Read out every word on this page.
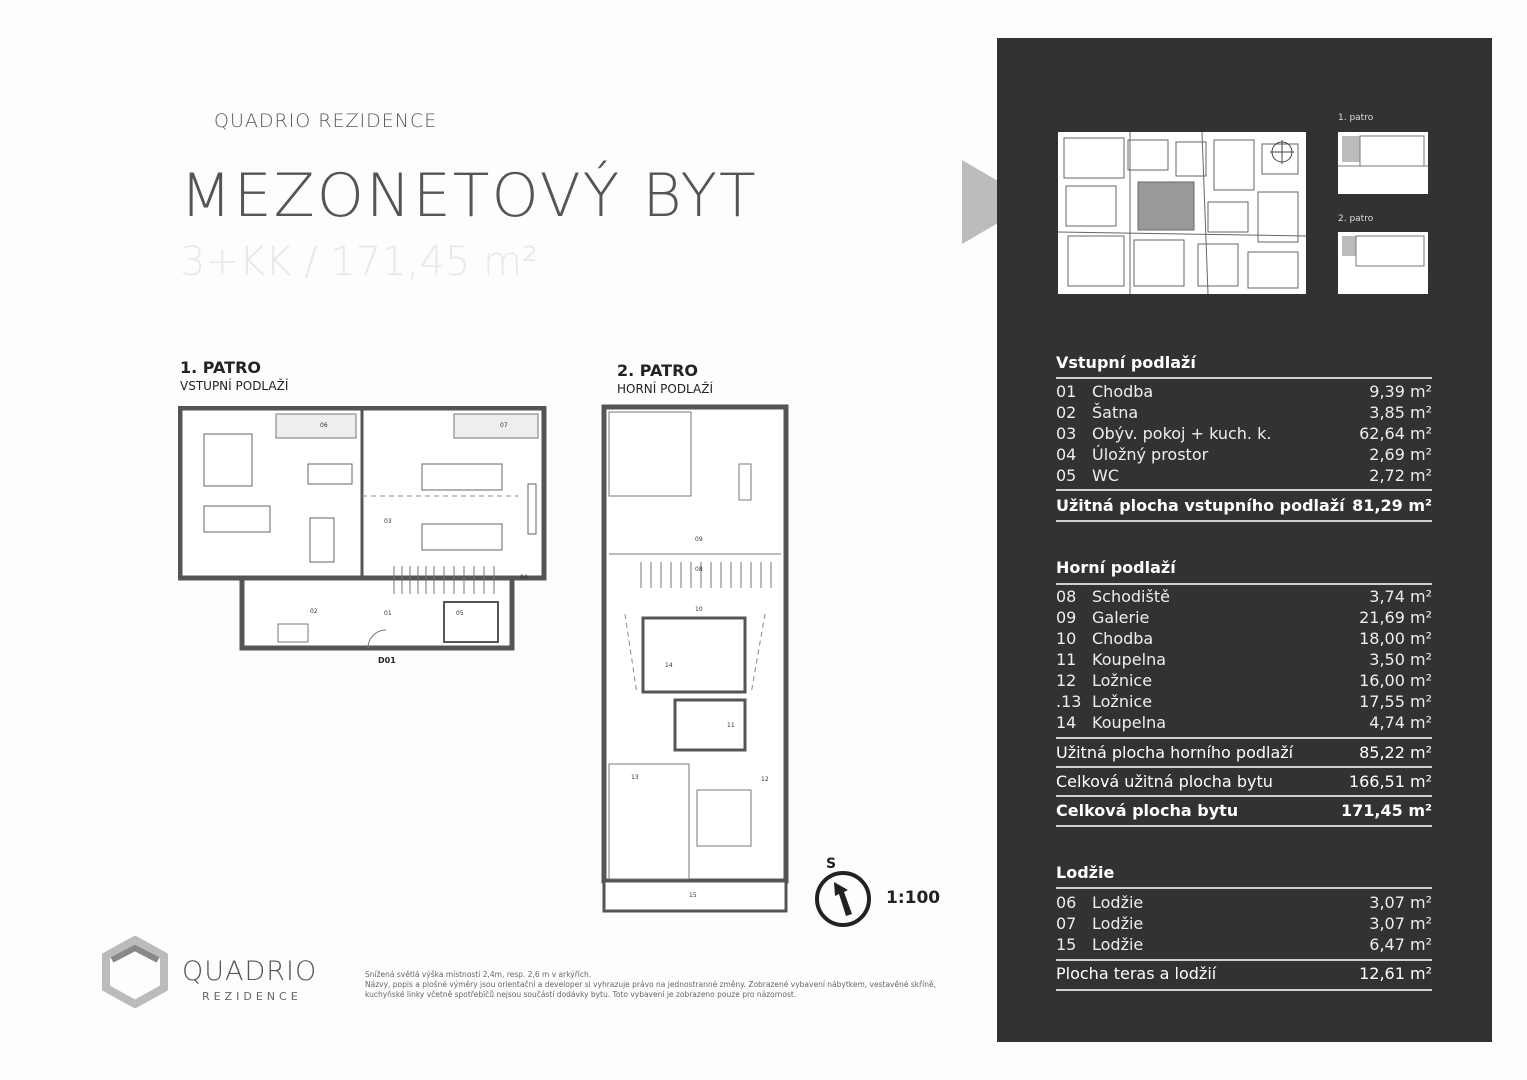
QUADRIO REZIDENCE
MEZONETOVÝ BYT
3+KK / 171,45 m²
1. PATRO
VSTUPNÍ PODLAŽÍ
06	07
03
04
02	01	05
D01
2. PATRO
HORNÍ PODLAŽÍ
09
08
10
14
11
13	12
15
S
1:100
QUADRIO
REZIDENCE
Snížená světlá výška místností 2,4m, resp. 2,6 m v arkýřích.
Názvy, popis a plošné výměry jsou orientační a developer si vyhrazuje právo na jednostranné změny. Zobrazené vybavení nábytkem, vestavěné skříně, kuchyňské linky včetně spotřebičů nejsou součástí dodávky bytu. Toto vybavení je zobrazeno pouze pro názornost.
1. patro
2. patro
Vstupní podlaží
01 Chodba	9,39 m²
02 Šatna	3,85 m²
03 Obýv. pokoj + kuch. k.	62,64 m²
04 Úložný prostor	2,69 m²
05 WC	2,72 m²
Užitná plocha vstupního podlaží 81,29 m²
Horní podlaží
08 Schodiště	3,74 m²
09 Galerie	21,69 m²
10 Chodba	18,00 m²
11 Koupelna	3,50 m²
12 Ložnice	16,00 m²
.13 Ložnice	17,55 m²
14 Koupelna	4,74 m²
Užitná plocha horního podlaží	85,22 m²
Celková užitná plocha bytu	166,51 m²
Celková plocha bytu	171,45 m²
Lodžie
06 Lodžie	3,07 m²
07 Lodžie	3,07 m²
15 Lodžie	6,47 m²
Plocha teras a lodžií	12,61 m²
